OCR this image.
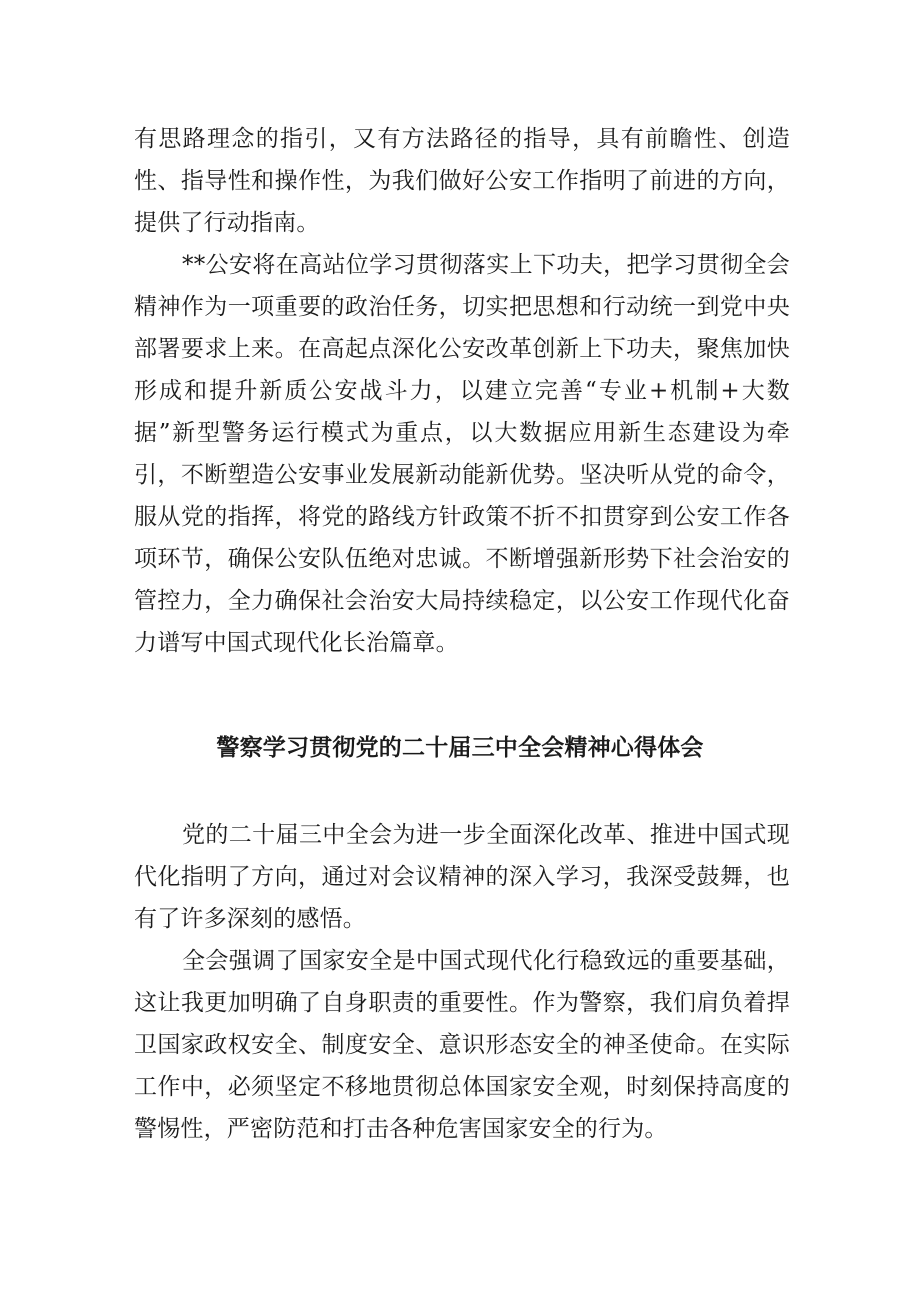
有思路理念的指引，又有方法路径的指导，具有前瞻性、创造性、指导性和操作性，为我们做好公安工作指明了前进的方向，提供了行动指南。

**公安将在高站位学习贯彻落实上下功夫，把学习贯彻全会精神作为一项重要的政治任务，切实把思想和行动统一到党中央部署要求上来。在高起点深化公安改革创新上下功夫，聚焦加快形成和提升新质公安战斗力，以建立完善“专业+机制+大数据”新型警务运行模式为重点，以大数据应用新生态建设为牵引，不断塑造公安事业发展新动能新优势。坚决听从党的命令，服从党的指挥，将党的路线方针政策不折不扣贯穿到公安工作各项环节，确保公安队伍绝对忠诚。不断增强新形势下社会治安的管控力，全力确保社会治安大局持续稳定，以公安工作现代化奋力谱写中国式现代化长治篇章。

警察学习贯彻党的二十届三中全会精神心得体会

党的二十届三中全会为进一步全面深化改革、推进中国式现代化指明了方向，通过对会议精神的深入学习，我深受鼓舞，也有了许多深刻的感悟。

全会强调了国家安全是中国式现代化行稳致远的重要基础，这让我更加明确了自身职责的重要性。作为警察，我们肩负着捍卫国家政权安全、制度安全、意识形态安全的神圣使命。在实际工作中，必须坚定不移地贯彻总体国家安全观，时刻保持高度的警惕性，严密防范和打击各种危害国家安全的行为。
